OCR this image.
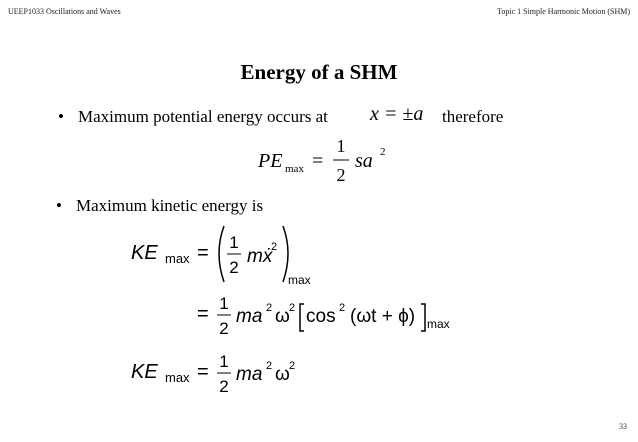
UEEP1033 Oscillations and Waves	Topic 1 Simple Harmonic Motion (SHM)
Energy of a SHM
• Maximum potential energy occurs at x = ±a therefore
• Maximum kinetic energy is
PE max =
1
2
sa 2
KE max = 1
2
mẋ
2
max
= 1
2
ma 2 ω 2 cos 2 (ωt + ϕ) max
KE max = 1
2
ma 2 ω 2
33
